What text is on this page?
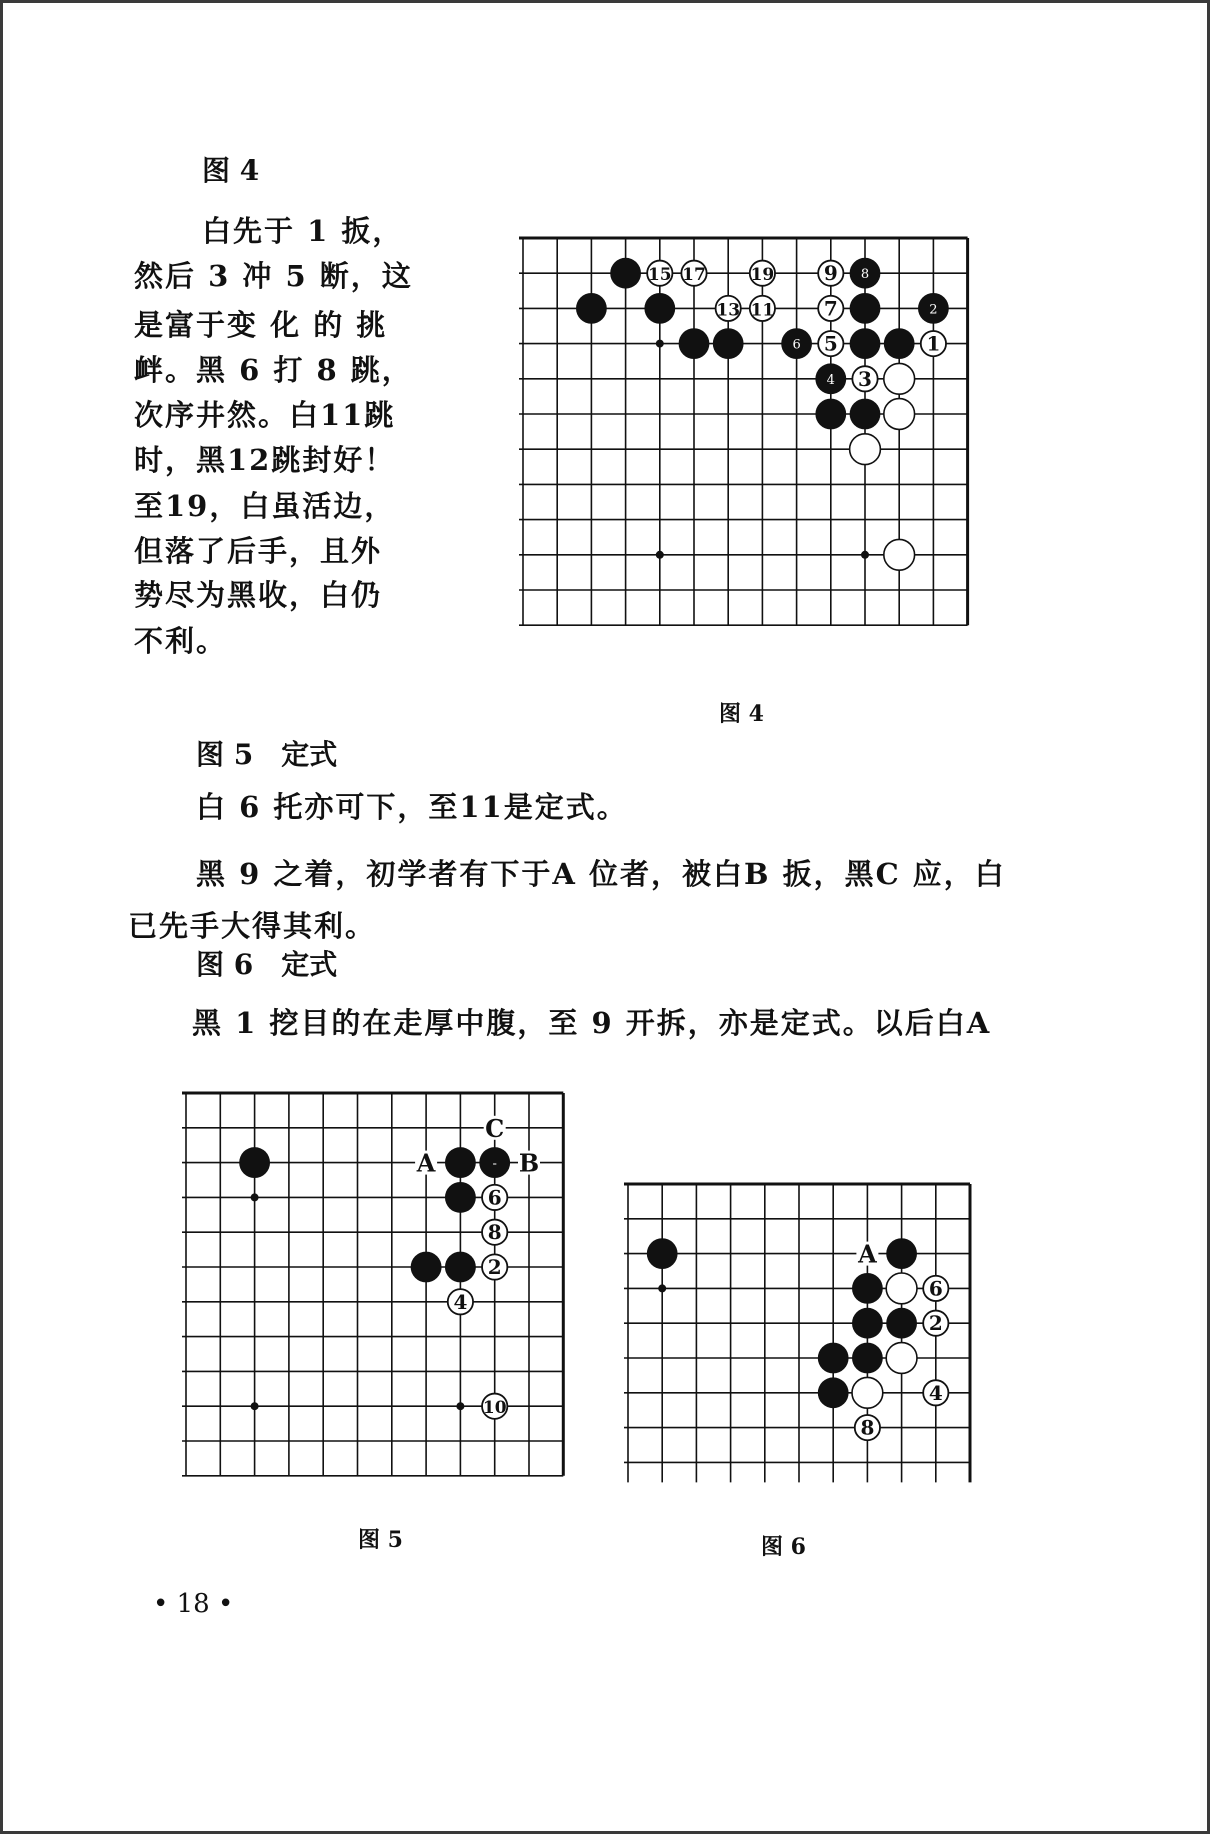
图 4
白先于 1 扳，
然后 3 冲 5 断，这
是富于变 化 的 挑
衅。黑 6 打 8 跳，
次序井然。白11跳
时，黑12跳封好！
至19，白虽活边，
但落了后手，且外
势尽为黑收，白仍
不利。
图 4
图 5　定式
白 6 托亦可下，至11是定式。
黑 9 之着，初学者有下于A 位者，被白B 扳，黑C 应，白
已先手大得其利。
图 6　定式
黑 1 挖目的在走厚中腹，至 9 开拆，亦是定式。以后白A
图 5	图 6
• 18 •
2
4
6
8
1
3
5
7
9
11
13
15 17	19
-
2
4
6
8
10
A	B
C
2
4
6
8
A
